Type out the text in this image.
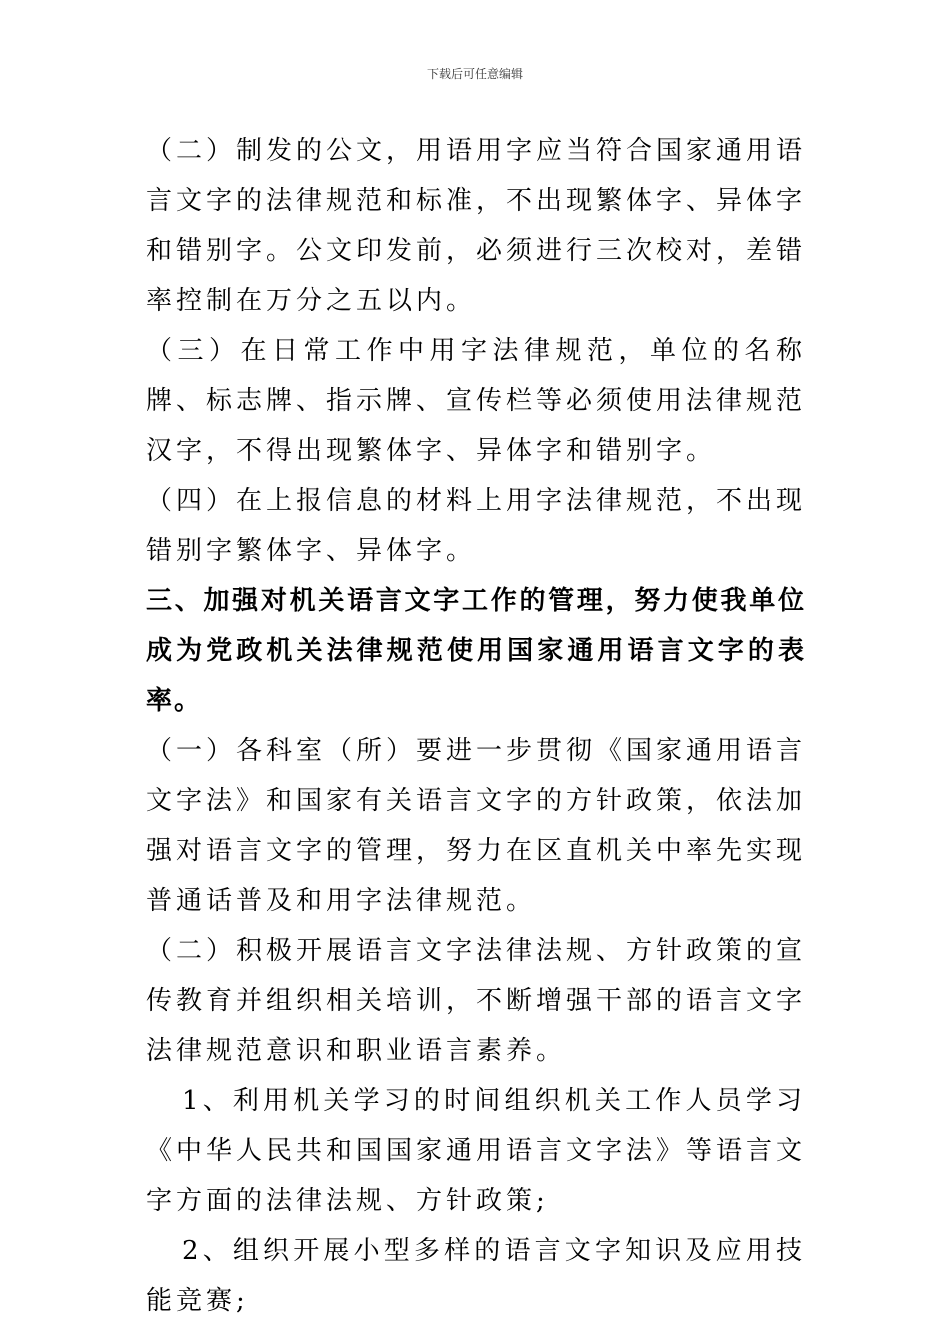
下载后可任意编辑

（二）制发的公文，用语用字应当符合国家通用语言文字的法律规范和标准，不出现繁体字、异体字和错别字。公文印发前，必须进行三次校对，差错率控制在万分之五以内。

（三）在日常工作中用字法律规范，单位的名称牌、标志牌、指示牌、宣传栏等必须使用法律规范汉字，不得出现繁体字、异体字和错别字。

（四）在上报信息的材料上用字法律规范，不出现错别字繁体字、异体字。

三、加强对机关语言文字工作的管理，努力使我单位成为党政机关法律规范使用国家通用语言文字的表率。

（一）各科室（所）要进一步贯彻《国家通用语言文字法》和国家有关语言文字的方针政策，依法加强对语言文字的管理，努力在区直机关中率先实现普通话普及和用字法律规范。

（二）积极开展语言文字法律法规、方针政策的宣传教育并组织相关培训，不断增强干部的语言文字法律规范意识和职业语言素养。

1、利用机关学习的时间组织机关工作人员学习《中华人民共和国国家通用语言文字法》等语言文字方面的法律法规、方针政策;

2、组织开展小型多样的语言文字知识及应用技能竞赛;
